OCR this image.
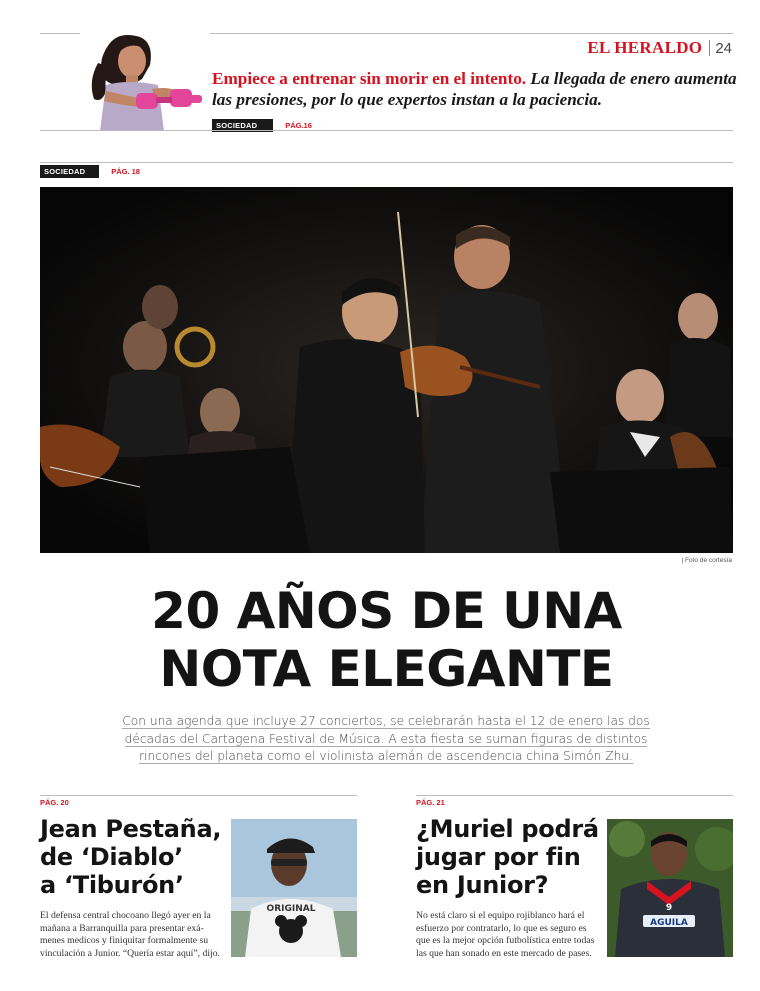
EL HERALDO 24
Empiece a entrenar sin morir en el intento. La llegada de enero aumenta las presiones, por lo que expertos instan a la paciencia.
SOCIEDAD	PÁG.16
SOCIEDAD	PÁG. 18
| Foto de cortesía
20 AÑOS DE UNA
NOTA ELEGANTE
Con una agenda que incluye 27 conciertos, se celebrarán hasta el 12 de enero las dos
décadas del Cartagena Festival de Música. A esta fiesta se suman figuras de distintos
rincones del planeta como el violinista alemán de ascendencia china Simón Zhu.
PÁG. 20
Jean Pestaña,
de ‘Diablo’
a ‘Tiburón’
El defensa central chocoano llegó ayer en la
mañana a Barranquilla para presentar exá-
menes medicos y finiquitar formalmente su
vinculación a Junior. “Quería estar aquí”, dijo.
ORIGINAL
PÁG. 21
¿Muriel podrá
jugar por fin
en Junior?
No está claro si el equipo rojiblanco hará el
esfuerzo por contratarlo, lo que es seguro es
que es la mejor opción futbolística entre todas
las que han sonado en este mercado de pases.
AGUILA
9
